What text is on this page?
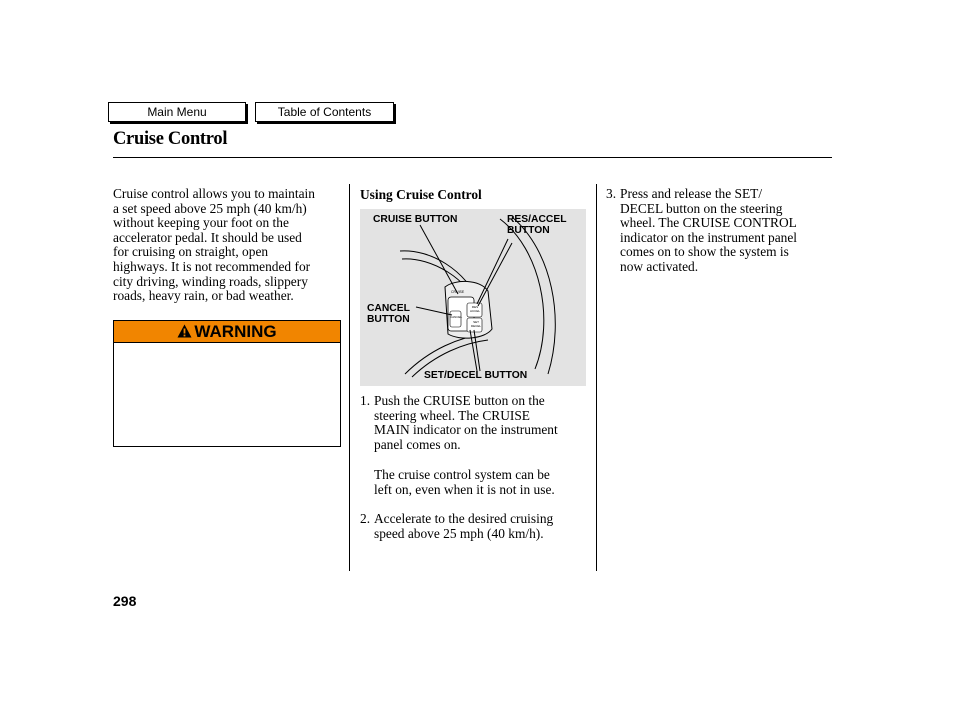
Main Menu	Table of Contents
Cruise Control

Cruise control allows you to maintain
a set speed above 25 mph (40 km/h)
without keeping your foot on the
accelerator pedal. It should be used
for cruising on straight, open
highways. It is not recommended for
city driving, winding roads, slippery
roads, heavy rain, or bad weather.

WARNING
Using Cruise Control
CRUISE
CANCEL
RES
ACCEL
SET
DECEL
CRUISE BUTTON	RES/ACCEL
BUTTON
CANCEL
BUTTON
SET/DECEL BUTTON
1. Push the CRUISE button on the
steering wheel. The CRUISE
MAIN indicator on the instrument
panel comes on.
The cruise control system can be
left on, even when it is not in use.
2. Accelerate to the desired cruising
speed above 25 mph (40 km/h).
3. Press and release the SET/
DECEL button on the steering
wheel. The CRUISE CONTROL
indicator on the instrument panel
comes on to show the system is
now activated.
298
